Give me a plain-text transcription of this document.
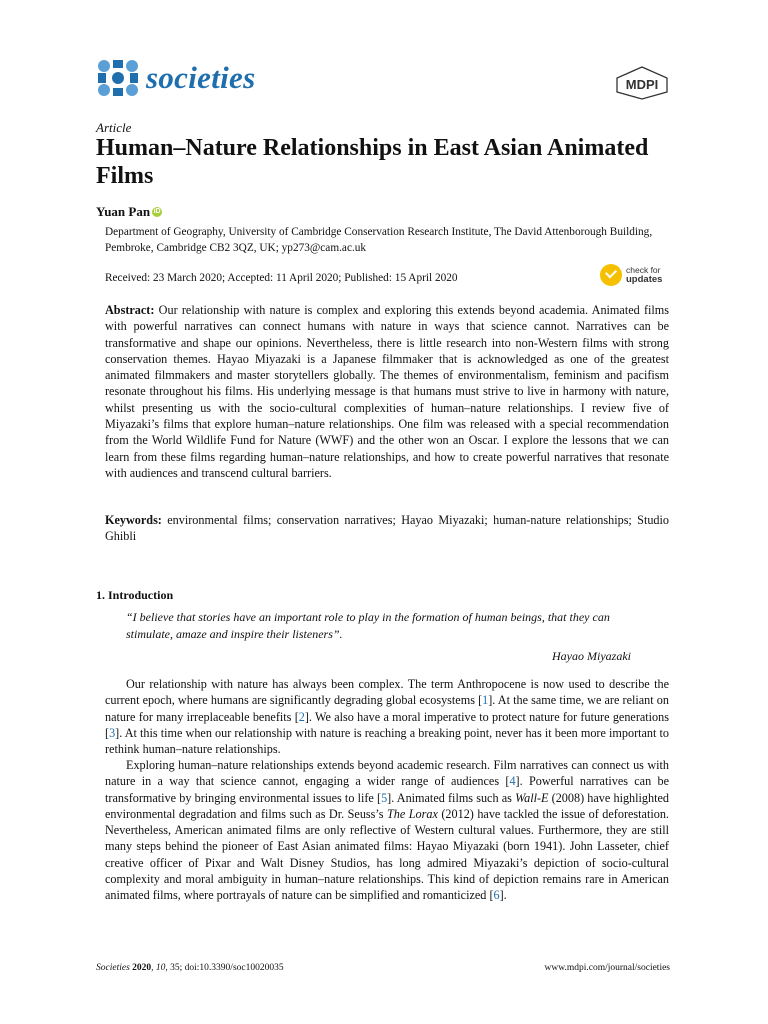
societies	MDPI
Article
Human–Nature Relationships in East Asian Animated Films
Yuan Pan iD
Department of Geography, University of Cambridge Conservation Research Institute, The David Attenborough Building, Pembroke, Cambridge CB2 3QZ, UK; yp273@cam.ac.uk
Received: 23 March 2020; Accepted: 11 April 2020; Published: 15 April 2020
check for
updates

Abstract: Our relationship with nature is complex and exploring this extends beyond academia. Animated films with powerful narratives can connect humans with nature in ways that science cannot. Narratives can be transformative and shape our opinions. Nevertheless, there is little research into non-Western films with strong conservation themes. Hayao Miyazaki is a Japanese filmmaker that is acknowledged as one of the greatest animated filmmakers and master storytellers globally. The themes of environmentalism, feminism and pacifism resonate throughout his films. His underlying message is that humans must strive to live in harmony with nature, whilst presenting us with the socio-cultural complexities of human–nature relationships. I review five of Miyazaki’s films that explore human–nature relationships. One film was released with a special recommendation from the World Wildlife Fund for Nature (WWF) and the other won an Oscar. I explore the lessons that we can learn from these films regarding human–nature relationships, and how to create powerful narratives that resonate with audiences and transcend cultural barriers.

Keywords: environmental films; conservation narratives; Hayao Miyazaki; human-nature relationships; Studio Ghibli

1. Introduction

“I believe that stories have an important role to play in the formation of human beings, that they can stimulate, amaze and inspire their listeners”.

Hayao Miyazaki

Our relationship with nature has always been complex. The term Anthropocene is now used to describe the current epoch, where humans are significantly degrading global ecosystems [1]. At the same time, we are reliant on nature for many irreplaceable benefits [2]. We also have a moral imperative to protect nature for future generations [3]. At this time when our relationship with nature is reaching a breaking point, never has it been more important to rethink human–nature relationships.

Exploring human–nature relationships extends beyond academic research. Film narratives can connect us with nature in a way that science cannot, engaging a wider range of audiences [4]. Powerful narratives can be transformative by bringing environmental issues to life [5]. Animated films such as Wall-E (2008) have highlighted environmental degradation and films such as Dr. Seuss’s The Lorax (2012) have tackled the issue of deforestation. Nevertheless, American animated films are only reflective of Western cultural values. Furthermore, they are still many steps behind the pioneer of East Asian animated films: Hayao Miyazaki (born 1941). John Lasseter, chief creative officer of Pixar and Walt Disney Studios, has long admired Miyazaki’s depiction of socio-cultural complexity and moral ambiguity in human–nature relationships. This kind of depiction remains rare in American animated films, where portrayals of nature can be simplified and romanticized [6].

Societies 2020, 10, 35; doi:10.3390/soc10020035	www.mdpi.com/journal/societies
